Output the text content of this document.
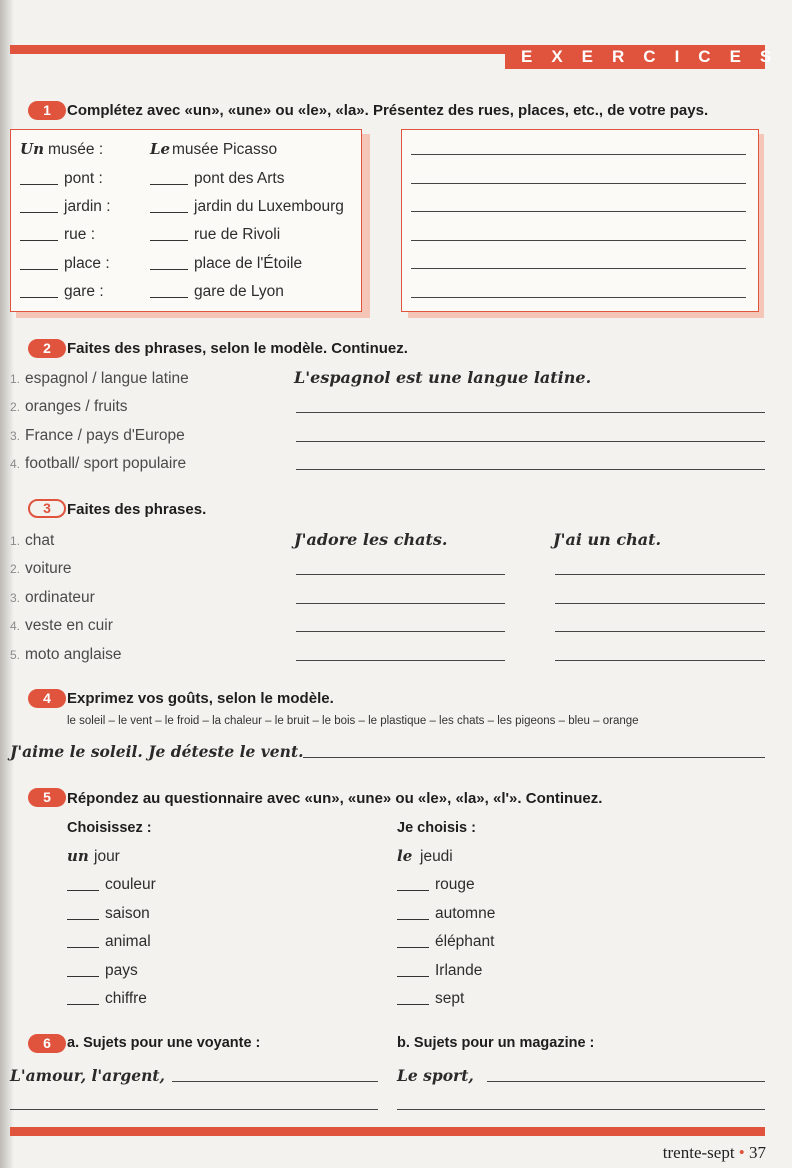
EXERCICES
1	Complétez avec «un», «une» ou «le», «la». Présentez des rues, places, etc., de votre pays.
Un musée :	Le musée Picasso
pont :	pont des Arts
jardin :	jardin du Luxembourg
rue :	rue de Rivoli
place :	place de l'Étoile
gare :	gare de Lyon
2	Faites des phrases, selon le modèle. Continuez.
1. espagnol / langue latine	L'espagnol est une langue latine.
2. oranges / fruits
3. France / pays d'Europe
4. football/ sport populaire
3	Faites des phrases.
1. chat	J'adore les chats.	J'ai un chat.
2. voiture
3. ordinateur
4. veste en cuir
5. moto anglaise
4	Exprimez vos goûts, selon le modèle.
le soleil – le vent – le froid – la chaleur – le bruit – le bois – le plastique – les chats – les pigeons – bleu – orange
J'aime le soleil. Je déteste le vent.
5	Répondez au questionnaire avec «un», «une» ou «le», «la», «l'». Continuez.
Choisissez :	Je choisis :
un jour	le jeudi
couleur	rouge
saison	automne
animal	éléphant
pays	Irlande
chiffre	sept
6	a. Sujets pour une voyante :	b. Sujets pour un magazine :
L'amour, l'argent,	Le sport,
trente-sept • 37
